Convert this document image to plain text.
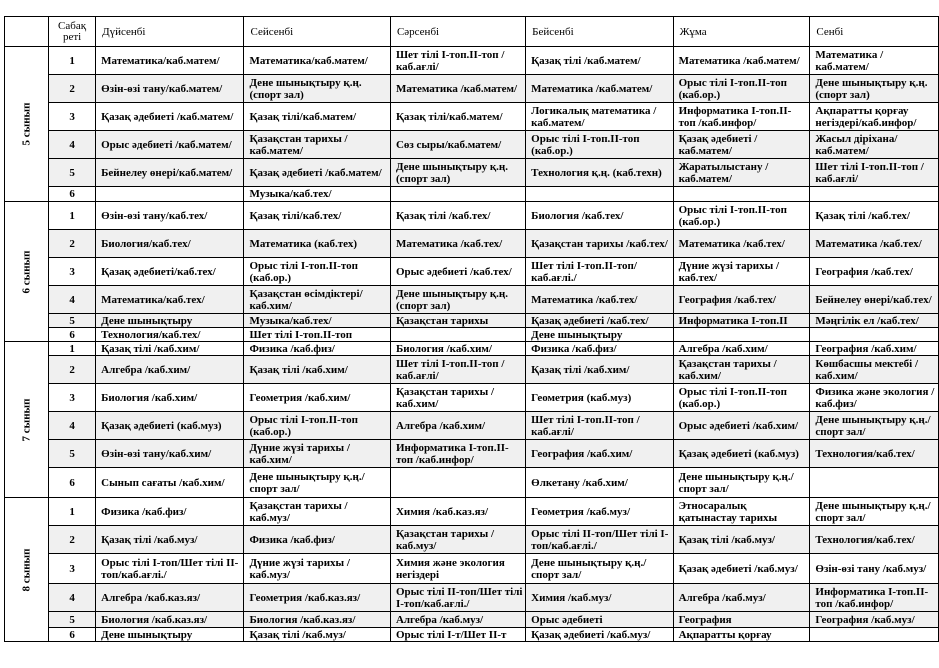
	Сабақ реті	Дүйсенбі	Сейсенбі	Сәрсенбі	Бейсенбі	Жұма	Сенбі
5 сынып	1	Математика/каб.матем/	Математика/каб.матем/	Шет тілі І-топ.ІІ-топ /каб.ағлі/	Қазақ тілі /каб.матем/	Математика /каб.матем/	Математика /каб.матем/
	2	Өзін-өзі тану/каб.матем/	Дене шынықтыру қ.ң. (спорт зал)	Математика /каб.матем/	Математика /каб.матем/	Орыс тілі І-топ.ІІ-топ (каб.ор.)	Дене шынықтыру қ.ң.(спорт зал)
	3	Қазақ әдебиеті /каб.матем/	Қазақ тілі/каб.матем/	Қазақ тілі/каб.матем/	Логикалық математика /каб.матем/	Информатика І-топ.ІІ-топ /каб.инфор/	Ақпаратты қорғау негіздері/каб.инфор/
	4	Орыс әдебиеті /каб.матем/	Қазақстан тарихы /каб.матем/	Сөз сыры/каб.матем/	Орыс тілі І-топ.ІІ-топ (каб.ор.)	Қазақ әдебиеті /каб.матем/	Жасыл діріхана/каб.матем/
	5	Бейнелеу өнері/каб.матем/	Қазақ әдебиеті /каб.матем/	Дене шынықтыру қ.ң.(спорт зал)	Технология қ.ң. (каб.техн)	Жаратылыстану /каб.матем/	Шет тілі І-топ.ІІ-топ /каб.ағлі/
	6		Музыка/каб.тех/				
6 сынып	1	Өзін-өзі тану/каб.тех/	Қазақ тілі/каб.тех/	Қазақ тілі /каб.тех/	Биология /каб.тех/	Орыс тілі І-топ.ІІ-топ (каб.ор.)	Қазақ тілі /каб.тех/
	2	Биология/каб.тех/	Математика (каб.тех)	Математика /каб.тех/	Қазақстан тарихы /каб.тех/	Математика /каб.тех/	Математика /каб.тех/
	3	Қазақ әдебиеті/каб.тех/	Орыс тілі І-топ.ІІ-топ (каб.ор.)	Орыс әдебиеті /каб.тех/	Шет тілі І-топ.ІІ-топ/каб.ағлі./	Дүние жүзі тарихы /каб.тех/	География /каб.тех/
	4	Математика/каб.тех/	Қазақстан өсімдіктері/каб.хим/	Дене шынықтыру қ.ң.(спорт зал)	Математика /каб.тех/	География /каб.тех/	Бейнелеу өнері/каб.тех/
	5	Дене шынықтыру	Музыка/каб.тех/	Қазақстан тарихы	Қазақ әдебиеті /каб.тех/	Информатика І-топ.ІІ	Мәңгілік ел /каб.тех/
	6	Технология/каб.тех/	Шет тілі І-топ.ІІ-топ		Дене шынықтыру		
7 сынып	1	Қазақ тілі /каб.хим/	Физика /каб.физ/	Биология /каб.хим/	Физика /каб.физ/	Алгебра /каб.хим/	География /каб.хим/
	2	Алгебра /каб.хим/	Қазақ тілі /каб.хим/	Шет тілі І-топ.ІІ-топ /каб.ағлі/	Қазақ тілі /каб.хим/	Қазақстан тарихы /каб.хим/	Көшбасшы мектебі /каб.хим/
	3	Биология /каб.хим/	Геометрия /каб.хим/	Қазақстан тарихы /каб.хим/	Геометрия (каб.муз)	Орыс тілі І-топ.ІІ-топ (каб.ор.)	Физика және экология /каб.физ/
	4	Қазақ әдебиеті (каб.муз)	Орыс тілі І-топ.ІІ-топ (каб.ор.)	Алгебра /каб.хим/	Шет тілі І-топ.ІІ-топ /каб.ағлі/	Орыс әдебиеті /каб.хим/	Дене шынықтыру қ.ң./спорт зал/
	5	Өзін-өзі тану/каб.хим/	Дүние жүзі тарихы /каб.хим/	Информатика І-топ.ІІ-топ /каб.инфор/	География /каб.хим/	Қазақ әдебиеті (каб.муз)	Технология/каб.тех/
	6	Сынып сағаты /каб.хим/	Дене шынықтыру қ.ң./спорт зал/		Өлкетану /каб.хим/	Дене шынықтыру қ.ң./спорт зал/	
8 сынып	1	Физика /каб.физ/	Қазақстан тарихы /каб.муз/	Химия /каб.каз.яз/	Геометрия /каб.муз/	Этносаралық қатынастау тарихы	Дене шынықтыру қ.ң./спорт зал/
	2	Қазақ тілі /каб.муз/	Физика /каб.физ/	Қазақстан тарихы /каб.муз/	Орыс тілі ІІ-топ/Шет тілі І-топ/каб.ағлі./	Қазақ тілі /каб.муз/	Технология/каб.тех/
	3	Орыс тілі І-топ/Шет тілі ІІ-топ/каб.ағлі./	Дүние жүзі тарихы /каб.муз/	Химия және экология негіздері	Дене шынықтыру қ.ң./спорт зал/	Қазақ әдебиеті /каб.муз/	Өзін-өзі тану /каб.муз/
	4	Алгебра /каб.каз.яз/	Геометрия /каб.каз.яз/	Орыс тілі ІІ-топ/Шет тілі І-топ/каб.ағлі./	Химия /каб.муз/	Алгебра /каб.муз/	Информатика І-топ.ІІ-топ /каб.инфор/
	5	Биология /каб.каз.яз/	Биология /каб.каз.яз/	Алгебра /каб.муз/	Орыс әдебиеті	География	География /каб.муз/
	6	Дене шынықтыру	Қазақ тілі /каб.муз/	Орыс тілі І-т/Шет ІІ-т	Қазақ әдебиеті /каб.муз/	Ақпаратты қорғау	
